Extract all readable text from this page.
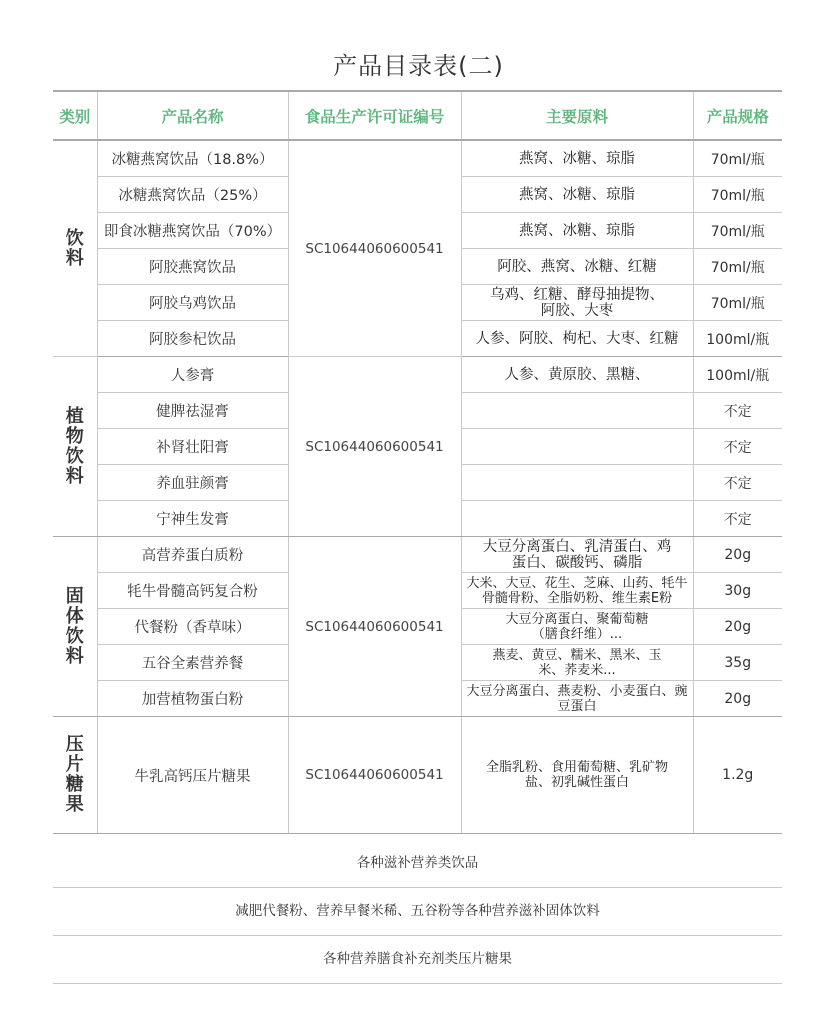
产品目录表(二)
类别	产品名称	食品生产许可证编号	主要原料	产品规格
饮料	冰糖燕窝饮品（18.8%）	SC10644060600541	燕窝、冰糖、琼脂	70ml/瓶
	冰糖燕窝饮品（25%）		燕窝、冰糖、琼脂	70ml/瓶
	即食冰糖燕窝饮品（70%）		燕窝、冰糖、琼脂	70ml/瓶
	阿胶燕窝饮品		阿胶、燕窝、冰糖、红糖	70ml/瓶
	阿胶乌鸡饮品		乌鸡、红糖、酵母抽提物、阿胶、大枣	70ml/瓶
	阿胶参杞饮品		人参、阿胶、枸杞、大枣、红糖	100ml/瓶
植物饮料	人参膏	SC10644060600541	人参、黄原胶、黑糖、	100ml/瓶
	健脾祛湿膏			不定
	补肾壮阳膏			不定
	养血驻颜膏			不定
	宁神生发膏			不定
固体饮料	高营养蛋白质粉	SC10644060600541	大豆分离蛋白、乳清蛋白、鸡蛋白、碳酸钙、磷脂	20g
	牦牛骨髓高钙复合粉		大米、大豆、花生、芝麻、山药、牦牛骨髓骨粉、全脂奶粉、维生素E粉	30g
	代餐粉（香草味）		大豆分离蛋白、聚葡萄糖（膳食纤维）...	20g
	五谷全素营养餐		燕麦、黄豆、糯米、黑米、玉米、荞麦米...	35g
	加营植物蛋白粉		大豆分离蛋白、燕麦粉、小麦蛋白、豌豆蛋白	20g
压片糖果	牛乳高钙压片糖果	SC10644060600541	全脂乳粉、食用葡萄糖、乳矿物盐、初乳碱性蛋白	1.2g
各种滋补营养类饮品
减肥代餐粉、营养早餐米稀、五谷粉等各种营养滋补固体饮料
各种营养膳食补充剂类压片糖果
